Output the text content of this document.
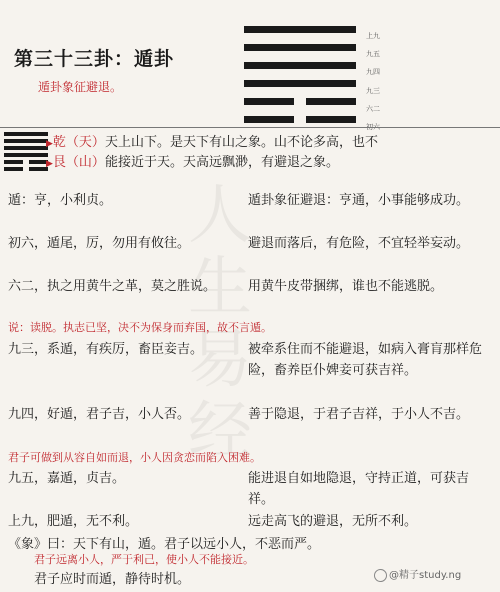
第三十三卦：遁卦
遁卦象征避退。
上九
九五
九四
九三
六二
▶乾（天）天上山下。是天下有山之象。山不论多高，也不
▶艮（山）能接近于天。天高远飘渺，有避退之象。
人
生
易
经
遁：亨，小利贞。	遁卦象征避退：亨通，小事能够成功。
初六，遁尾，厉，勿用有攸往。	避退而落后，有危险，不宜轻举妄动。
六二，执之用黄牛之革，莫之胜说。	用黄牛皮带捆绑，谁也不能逃脱。
说：读脱。执志已坚，决不为保身而弃国，故不言遁。
九三，系遁，有疾厉，畜臣妾吉。	被牵系住而不能避退，如病入膏肓那样危险，畜养臣仆婢妾可获吉祥。
九四，好遁，君子吉，小人否。	善于隐退，于君子吉祥，于小人不吉。
君子可做到从容自如而退，小人因贪恋而陷入困难。
九五，嘉遁，贞吉。	能进退自如地隐退，守持正道，可获吉祥。
上九，肥遁，无不利。	远走高飞的避退，无所不利。
《象》曰：天下有山，遁。君子以远小人，不恶而严。
君子远离小人，严于利己，使小人不能接近。
君子应时而遁，静待时机。	@精子study.ng
